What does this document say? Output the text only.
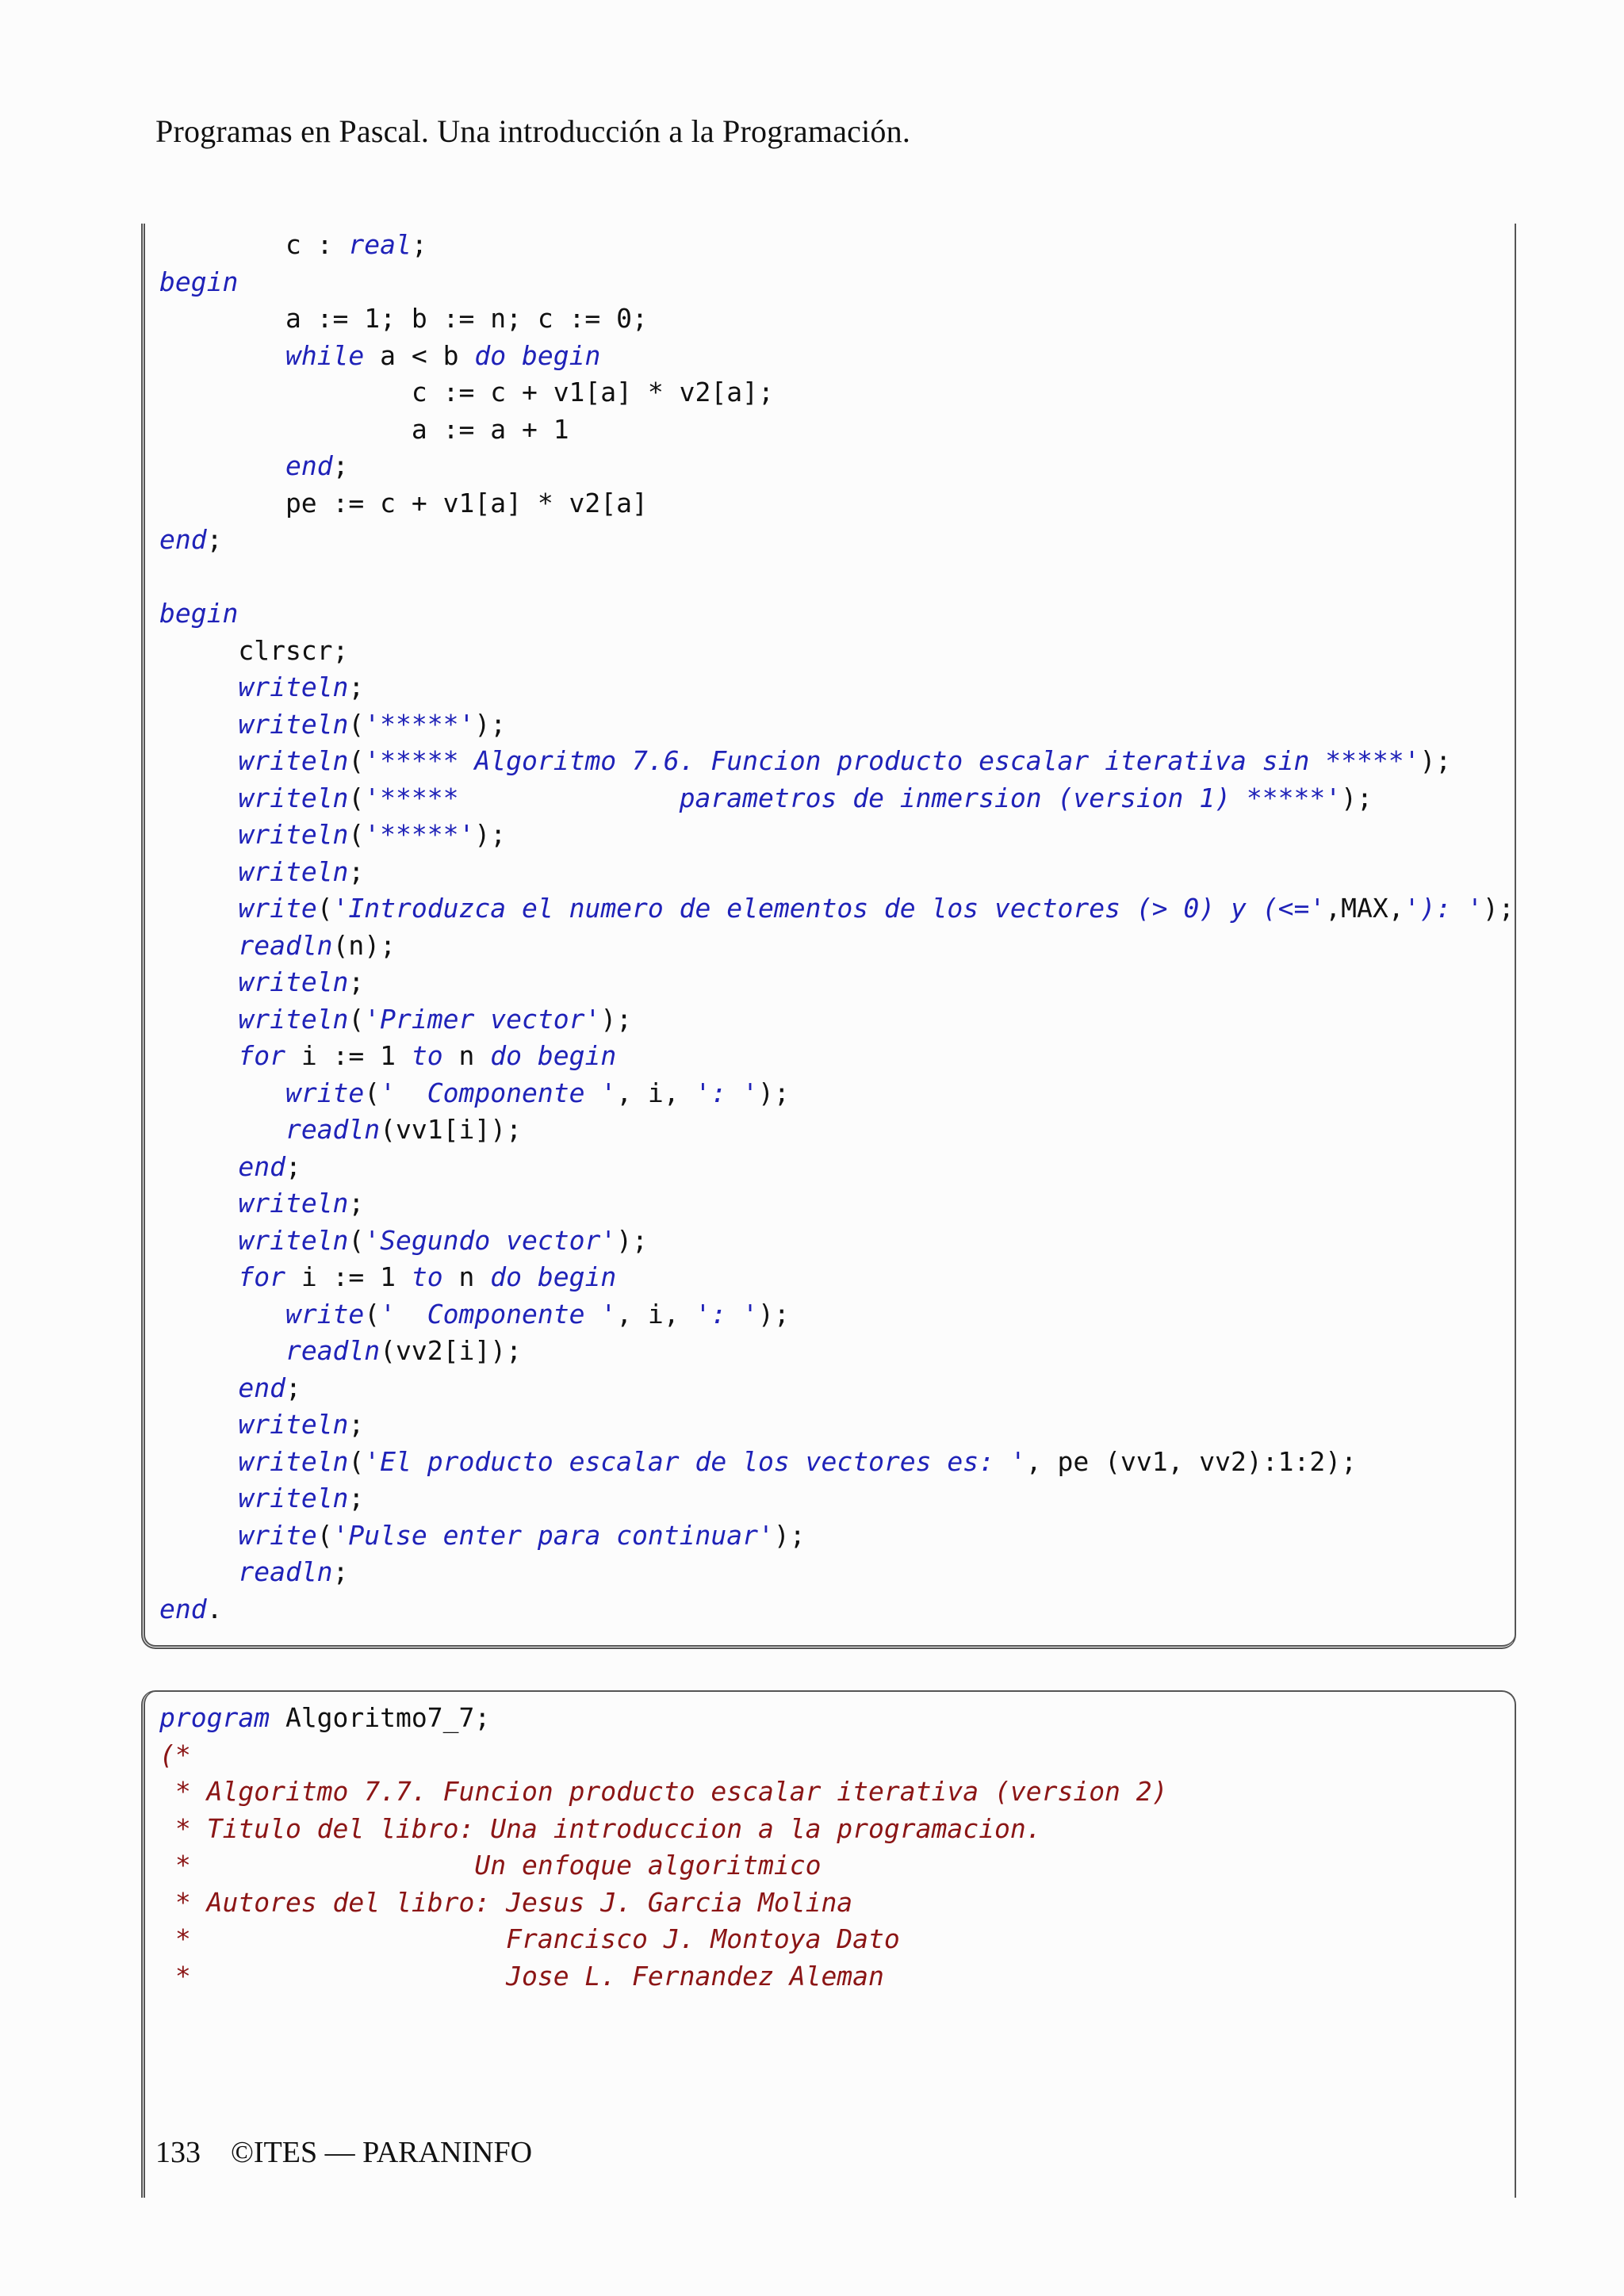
Programas en Pascal. Una introducción a la Programación.
c : real;
begin
a := 1; b := n; c := 0;
while a < b do begin
c := c + v1[a] * v2[a];
a := a + 1
end;
pe := c + v1[a] * v2[a]
end;
begin
clrscr;
writeln;
writeln('*****');
writeln('***** Algoritmo 7.6. Funcion producto escalar iterativa sin *****');
writeln('*****              parametros de inmersion (version 1) *****');
writeln('*****');
writeln;
write('Introduzca el numero de elementos de los vectores (> 0) y (<=',MAX,'): ');
readln(n);
writeln;
writeln('Primer vector');
for i := 1 to n do begin
write('  Componente ', i, ': ');
readln(vv1[i]);
end;
writeln;
writeln('Segundo vector');
for i := 1 to n do begin
write('  Componente ', i, ': ');
readln(vv2[i]);
end;
writeln;
writeln('El producto escalar de los vectores es: ', pe (vv1, vv2):1:2);
writeln;
write('Pulse enter para continuar');
readln;
end.
program Algoritmo7_7;
(*
* Algoritmo 7.7. Funcion producto escalar iterativa (version 2)
* Titulo del libro: Una introduccion a la programacion.
*                  Un enfoque algoritmico
* Autores del libro: Jesus J. Garcia Molina
*                    Francisco J. Montoya Dato
*                    Jose L. Fernandez Aleman
133 ©ITES — PARANINFO
